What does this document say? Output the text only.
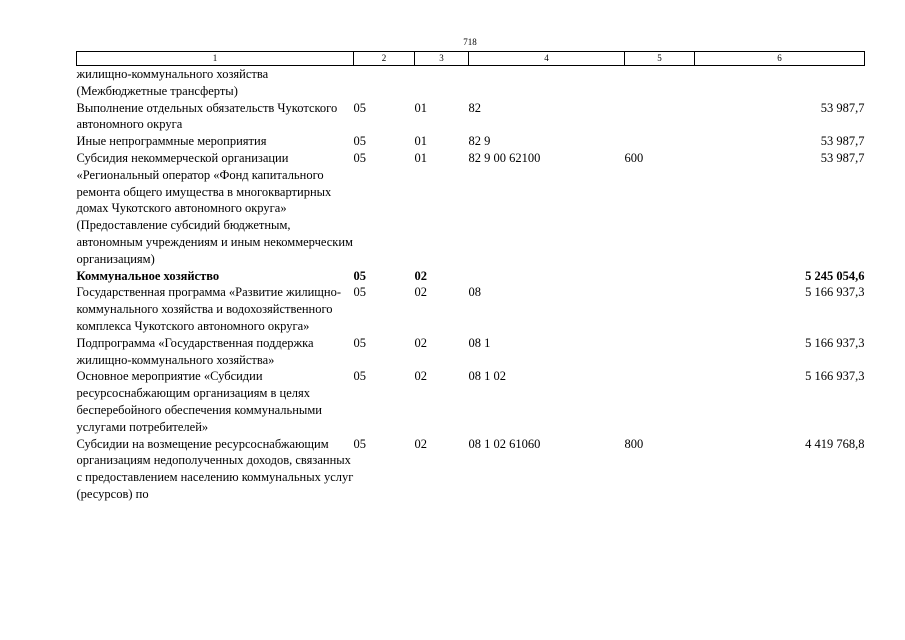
718
1	2	3	4	5	6
жилищно-коммунального хозяйства (Межбюджетные трансферты)					
Выполнение отдельных обязательств Чукотского автономного округа	05	01	82		53 987,7
Иные непрограммные мероприятия	05	01	82 9		53 987,7
Субсидия некоммерческой организации «Региональный оператор «Фонд капитального ремонта общего имущества в многоквартирных домах Чукотского автономного округа» (Предоставление субсидий бюджетным, автономным учреждениям и иным некоммерческим организациям)	05	01	82 9 00 62100	600	53 987,7
Коммунальное хозяйство	05	02			5 245 054,6
Государственная программа «Развитие жилищно-коммунального хозяйства и водохозяйственного комплекса Чукотского автономного округа»	05	02	08		5 166 937,3
Подпрограмма «Государственная поддержка жилищно-коммунального хозяйства»	05	02	08 1		5 166 937,3
Основное мероприятие «Субсидии ресурсоснабжающим организациям в целях бесперебойного обеспечения коммунальными услугами потребителей»	05	02	08 1 02		5 166 937,3
Субсидии на возмещение ресурсоснабжающим организациям недополученных доходов, связанных с предоставлением населению коммунальных услуг (ресурсов) по	05	02	08 1 02 61060	800	4 419 768,8
